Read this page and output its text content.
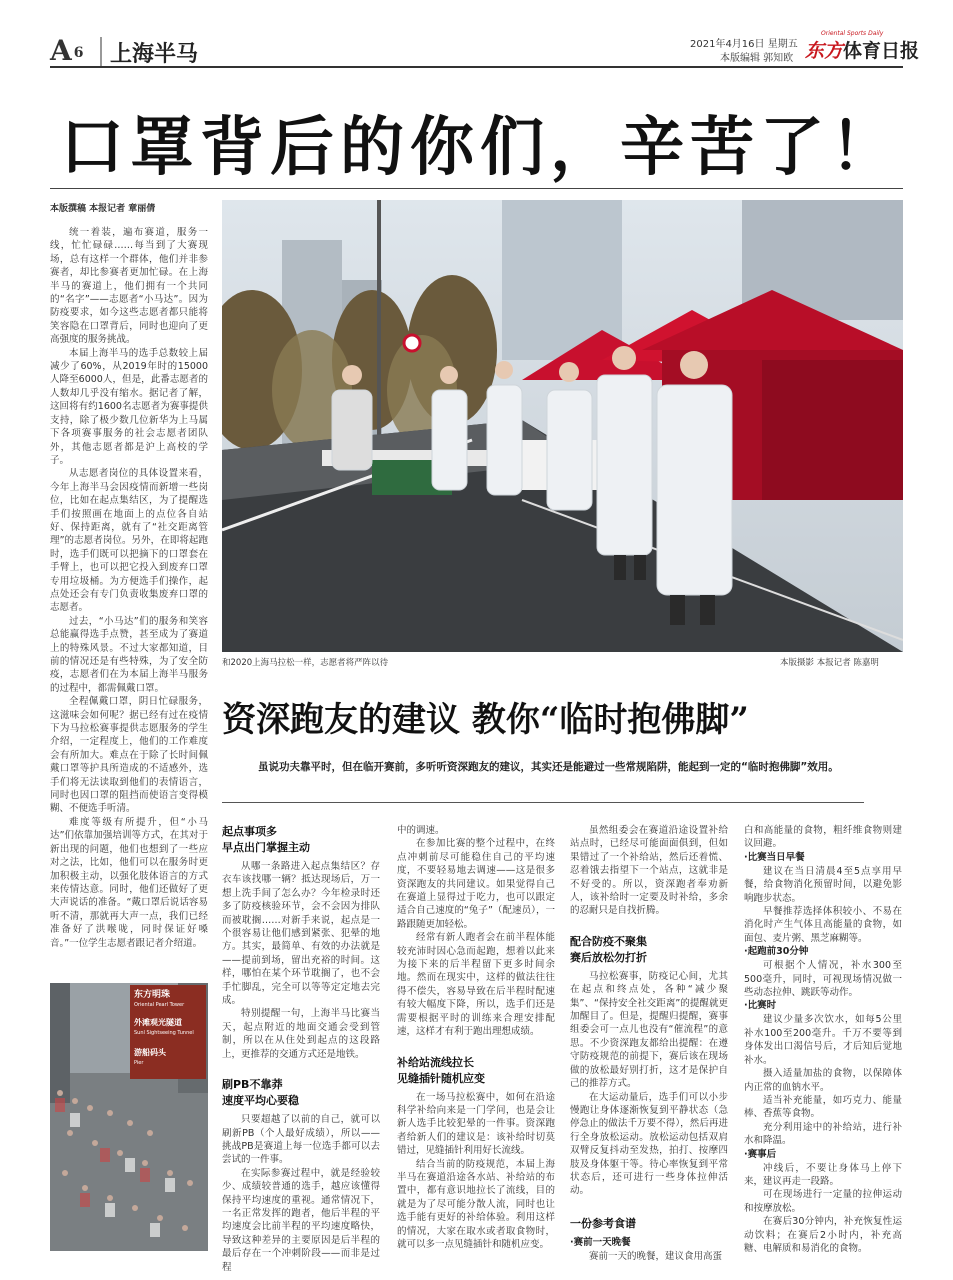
A 6	上海半马	2021年4月16日 星期五
本版编辑 郭知欧
Oriental Sports Daily
东方体育日报
口罩背后的你们，辛苦了！
本版撰稿 本报记者 章丽倩

统一着装，遍布赛道，服务一线，忙忙碌碌……每当到了大赛现场，总有这样一个群体，他们并非参赛者，却比参赛者更加忙碌。在上海半马的赛道上，他们拥有一个共同的“名字”——志愿者“小马达”。因为防疫要求，如今这些志愿者都只能将笑容隐在口罩背后，同时也迎向了更高强度的服务挑战。

本届上海半马的选手总数较上届减少了60%，从2019年时的15000人降至6000人，但是，此番志愿者的人数却几乎没有缩水。据记者了解，这回将有约1600名志愿者为赛事提供支持，除了极少数几位新华为上马属下各项赛事服务的社会志愿者团队外，其他志愿者都是沪上高校的学子。

从志愿者岗位的具体设置来看，今年上海半马会因疫情而新增一些岗位，比如在起点集结区，为了提醒选手们按照画在地面上的点位各自站好、保持距离，就有了“社交距离管理”的志愿者岗位。另外，在即将起跑时，选手们既可以把摘下的口罩套在手臂上，也可以把它投入到废弃口罩专用垃圾桶。为方便选手们操作，起点处还会有专门负责收集废弃口罩的志愿者。

过去，“小马达”们的服务和笑容总能赢得选手点赞，甚至成为了赛道上的特殊风景。不过大家都知道，目前的情况还是有些特殊，为了安全防疫，志愿者们在为本届上海半马服务的过程中，都需佩戴口罩。

全程佩戴口罩，阴日忙碌服务，这滋味会如何呢？据已经有过在疫情下为马拉松赛事提供志愿服务的学生介绍，一定程度上，他们的工作难度会有所加大。难点在于除了长时间佩戴口罩等护具所造成的不适感外，选手们将无法读取到他们的表情语言，同时也因口罩的阻挡而使语言变得模糊、不便选手听清。

难度等级有所提升，但“小马达”们依靠加强培训等方式，在其对于新出现的问题，他们也想到了一些应对之法，比如，他们可以在服务时更加积极主动，以强化肢体语言的方式来传情达意。同时，他们还做好了更大声说话的准备。“戴口罩后说话容易听不清，那就再大声一点，我们已经准备好了洪喉咙，同时保证好嗓音。”一位学生志愿者跟记者介绍道。

和2020上海马拉松一样，志愿者将严阵以待	本版摄影 本报记者 陈嘉明
资深跑友的建议 教你“临时抱佛脚”
虽说功夫靠平时，但在临开赛前，多听听资深跑友的建议，其实还是能避过一些常规陷阱，能起到一定的“临时抱佛脚”效用。
起点事项多
早点出门掌握主动

从哪一条路进入起点集结区？存衣车该找哪一辆？抵达现场后，万一想上洗手间了怎么办？今年检录时还多了防疫核验环节，会不会因为排队而被耽搁……对新手来说，起点是一个很容易让他们感到紧张、犯晕的地方。其实，最简单、有效的办法就是——提前到场，留出充裕的时间。这样，哪怕在某个环节耽搁了，也不会手忙脚乱，完全可以等等定定地去完成。

特别提醒一句，上海半马比赛当天，起点附近的地面交通会受到管制，所以在从住处到起点的这段路上，更推荐的交通方式还是地铁。

刷PB不靠莽
速度平均心要稳

只要超越了以前的自己，就可以刷新PB（个人最好成绩），所以——挑战PB是赛道上每一位选手都可以去尝试的一件事。

在实际参赛过程中，就是经验较少、成绩较普通的选手，越应该懂得保持平均速度的重视。通常情况下，一名正常发挥的跑者，他后半程的平均速度会比前半程的平均速度略快，导致这种差异的主要原因是后半程的最后存在一个冲刺阶段——而非是过程

中的调速。

在参加比赛的整个过程中，在终点冲刺前尽可能稳住自己的平均速度，不要轻易地去调速——这是很多资深跑友的共同建议。如果觉得自己在赛道上显得过于吃力，也可以跟定适合自己速度的“兔子”（配速员），一路跟随更加轻松。

经常有新人跑者会在前半程体能较充沛时因心急而起跑，想着以此来为接下来的后半程留下更多时间余地。然而在现实中，这样的做法往往得不偿失，容易导致在后半程时配速有较大幅度下降，所以，选手们还是需要根据平时的训练来合理安排配速，这样才有利于跑出理想成绩。

补给站流线拉长
见缝插针随机应变

在一场马拉松赛中，如何在沿途科学补给向来是一门学问，也是会让新人选手比较犯晕的一件事。资深跑者给新人们的建议是：该补给时切莫错过，见缝插针利用好长流线。

结合当前的防疫规范，本届上海半马在赛道沿途各水站、补给站的布置中，都有意识地拉长了流线，目的就是为了尽可能分散人流，同时也让选手能有更好的补给体验。利用这样的情况，大家在取水或者取食物时，就可以多一点见缝插针和随机应变。

虽然组委会在赛道沿途设置补给站点时，已经尽可能面面俱到，但如果错过了一个补给站，然后还着慌、忍着饿去指望下一个站点，这就非是不好受的。所以，资深跑者奉劝新人，该补给时一定要及时补给，多余的忍耐只是自找折腾。

配合防疫不聚集
赛后放松勿打折

马拉松赛事，防疫记心间，尤其在起点和终点处，各种“减少聚集”、“保持安全社交距离”的提醒就更加醒目了。但是，提醒归提醒，赛事组委会可一点儿也没有“催流程”的意思。不少资深跑友都给出提醒：在遵守防疫规范的前提下，赛后该在现场做的放松最好别打折，这才是保护自己的推荐方式。

在大运动量后，选手们可以小步慢跑让身体逐渐恢复到平静状态（急停急止的做法千万要不得），然后再进行全身放松运动。放松运动包括双肩双臂反复抖动至发热，拍打、按摩四肢及身体躯干等。待心率恢复到平常状态后，还可进行一些身体拉伸活动。

一份参考食谱
·赛前一天晚餐

赛前一天的晚餐，建议食用高蛋

白和高能量的食物，粗纤维食物则建议回避。

·比赛当日早餐

建议在当日清晨4至5点享用早餐，给食物消化预留时间，以避免影响跑步状态。

早餐推荐选择体积较小、不易在消化时产生气体且高能量的食物，如面包、麦片粥、黑芝麻糊等。

·起跑前30分钟

可根据个人情况，补水300至500毫升，同时，可视现场情况做一些动态拉伸、跳跃等动作。

·比赛时

建议少量多次饮水，如每5公里补水100至200毫升。千万不要等到身体发出口渴信号后，才后知后觉地补水。

摄入适量加盐的食物，以保障体内正常的血钠水平。

适当补充能量，如巧克力、能量棒、香蕉等食物。

充分利用途中的补给站，进行补水和降温。

·赛事后

冲线后，不要让身体马上停下来，建议再走一段路。

可在现场进行一定量的拉伸运动和按摩放松。

在赛后30分钟内，补充恢复性运动饮料；在赛后2小时内，补充高糖、电解质和易消化的食物。

东方明珠
Oriental Pearl Tower
外滩观光隧道
Sunl Sightseeing Tunnel
游船码头
Pier
